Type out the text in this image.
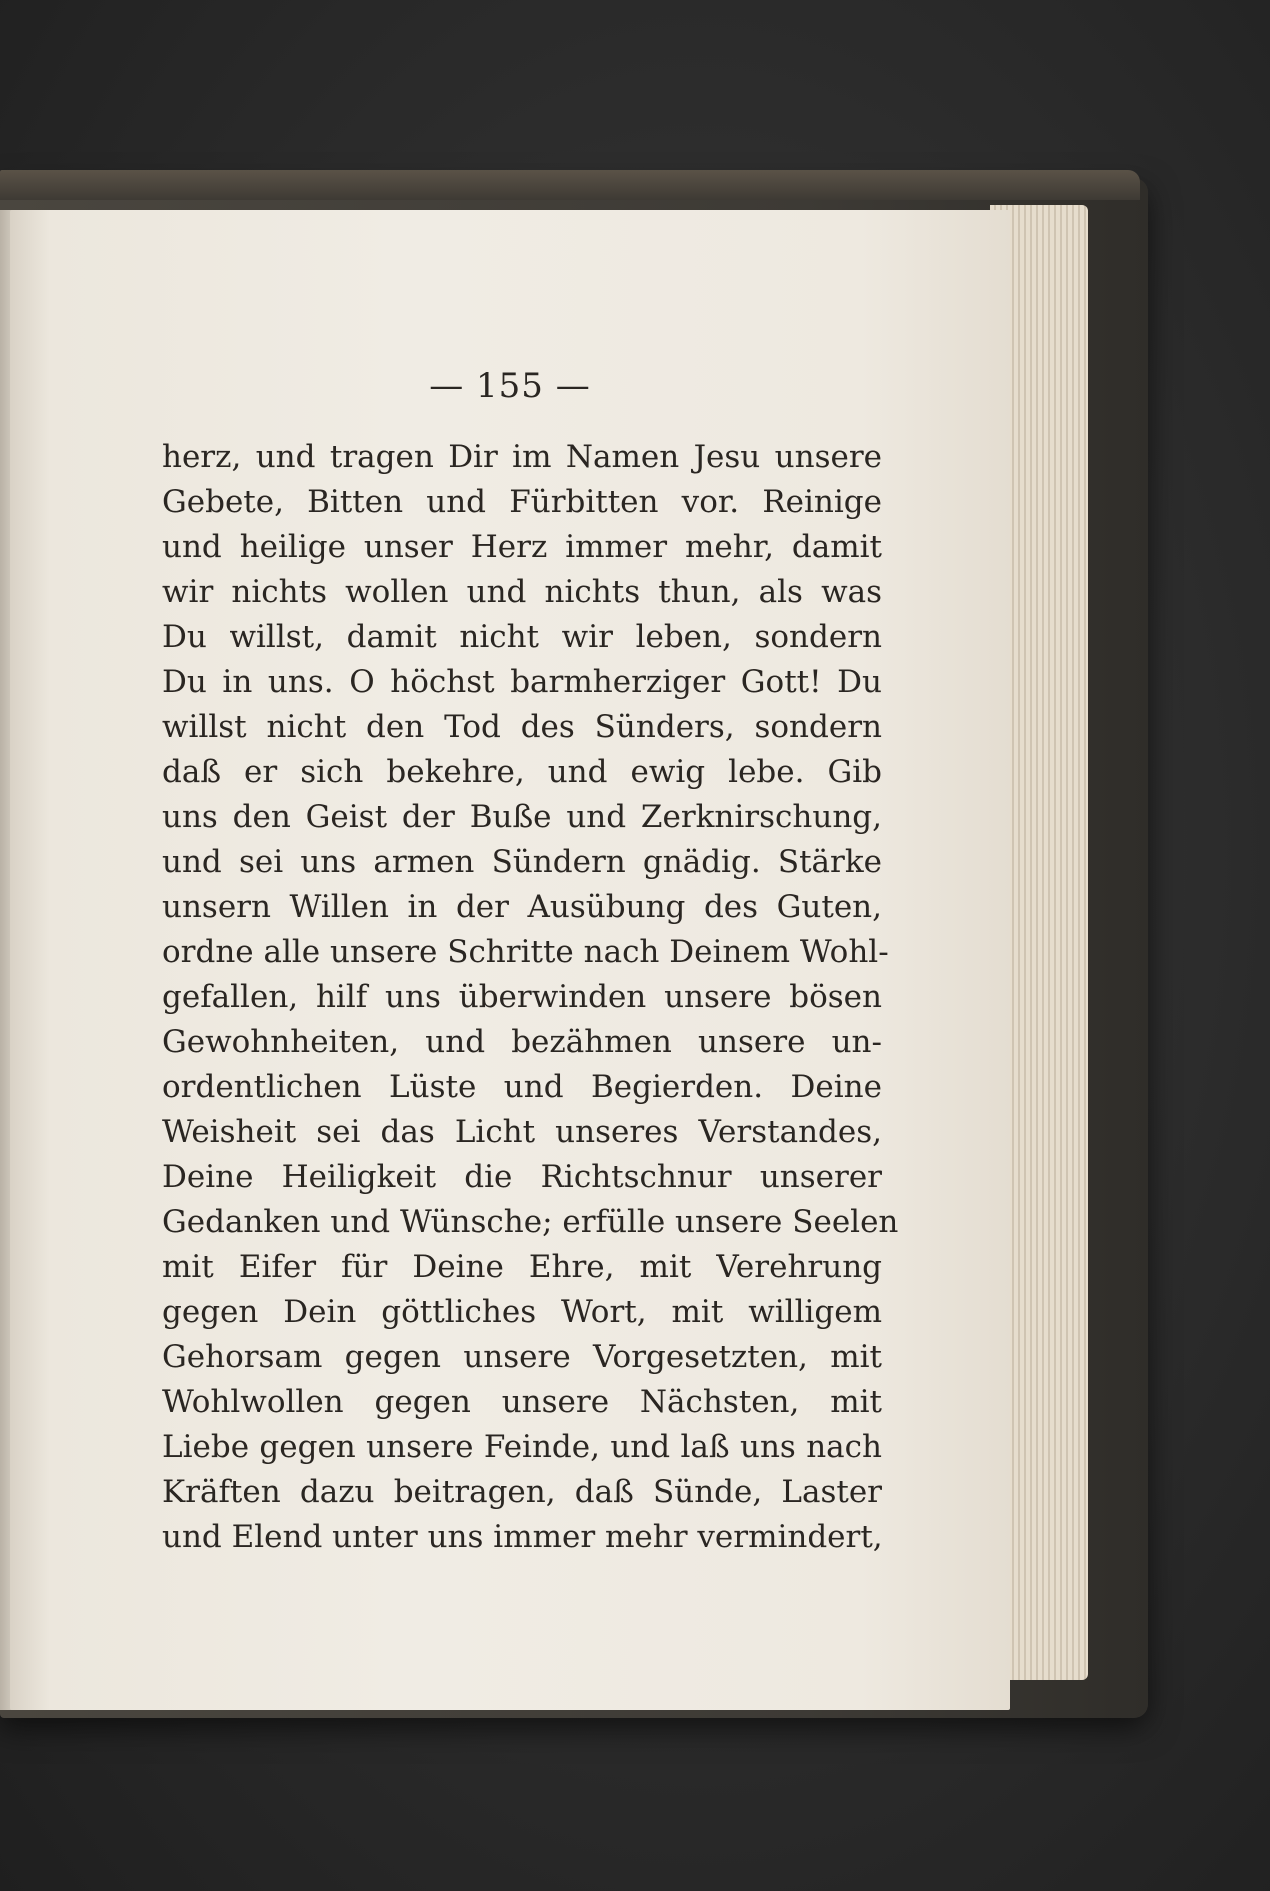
— 155 —
herz, und tragen Dir im Namen Jesu unsere
Gebete, Bitten und Fürbitten vor. Reinige
und heilige unser Herz immer mehr, damit
wir nichts wollen und nichts thun, als was
Du willst, damit nicht wir leben, sondern
Du in uns. O höchst barmherziger Gott! Du
willst nicht den Tod des Sünders, sondern
daß er sich bekehre, und ewig lebe. Gib
uns den Geist der Buße und Zerknirschung,
und sei uns armen Sündern gnädig. Stärke
unsern Willen in der Ausübung des Guten,
ordne alle unsere Schritte nach Deinem Wohl-
gefallen, hilf uns überwinden unsere bösen
Gewohnheiten, und bezähmen unsere un-
ordentlichen Lüste und Begierden. Deine
Weisheit sei das Licht unseres Verstandes,
Deine Heiligkeit die Richtschnur unserer
Gedanken und Wünsche; erfülle unsere Seelen
mit Eifer für Deine Ehre, mit Verehrung
gegen Dein göttliches Wort, mit willigem
Gehorsam gegen unsere Vorgesetzten, mit
Wohlwollen gegen unsere Nächsten, mit
Liebe gegen unsere Feinde, und laß uns nach
Kräften dazu beitragen, daß Sünde, Laster
und Elend unter uns immer mehr vermindert,
